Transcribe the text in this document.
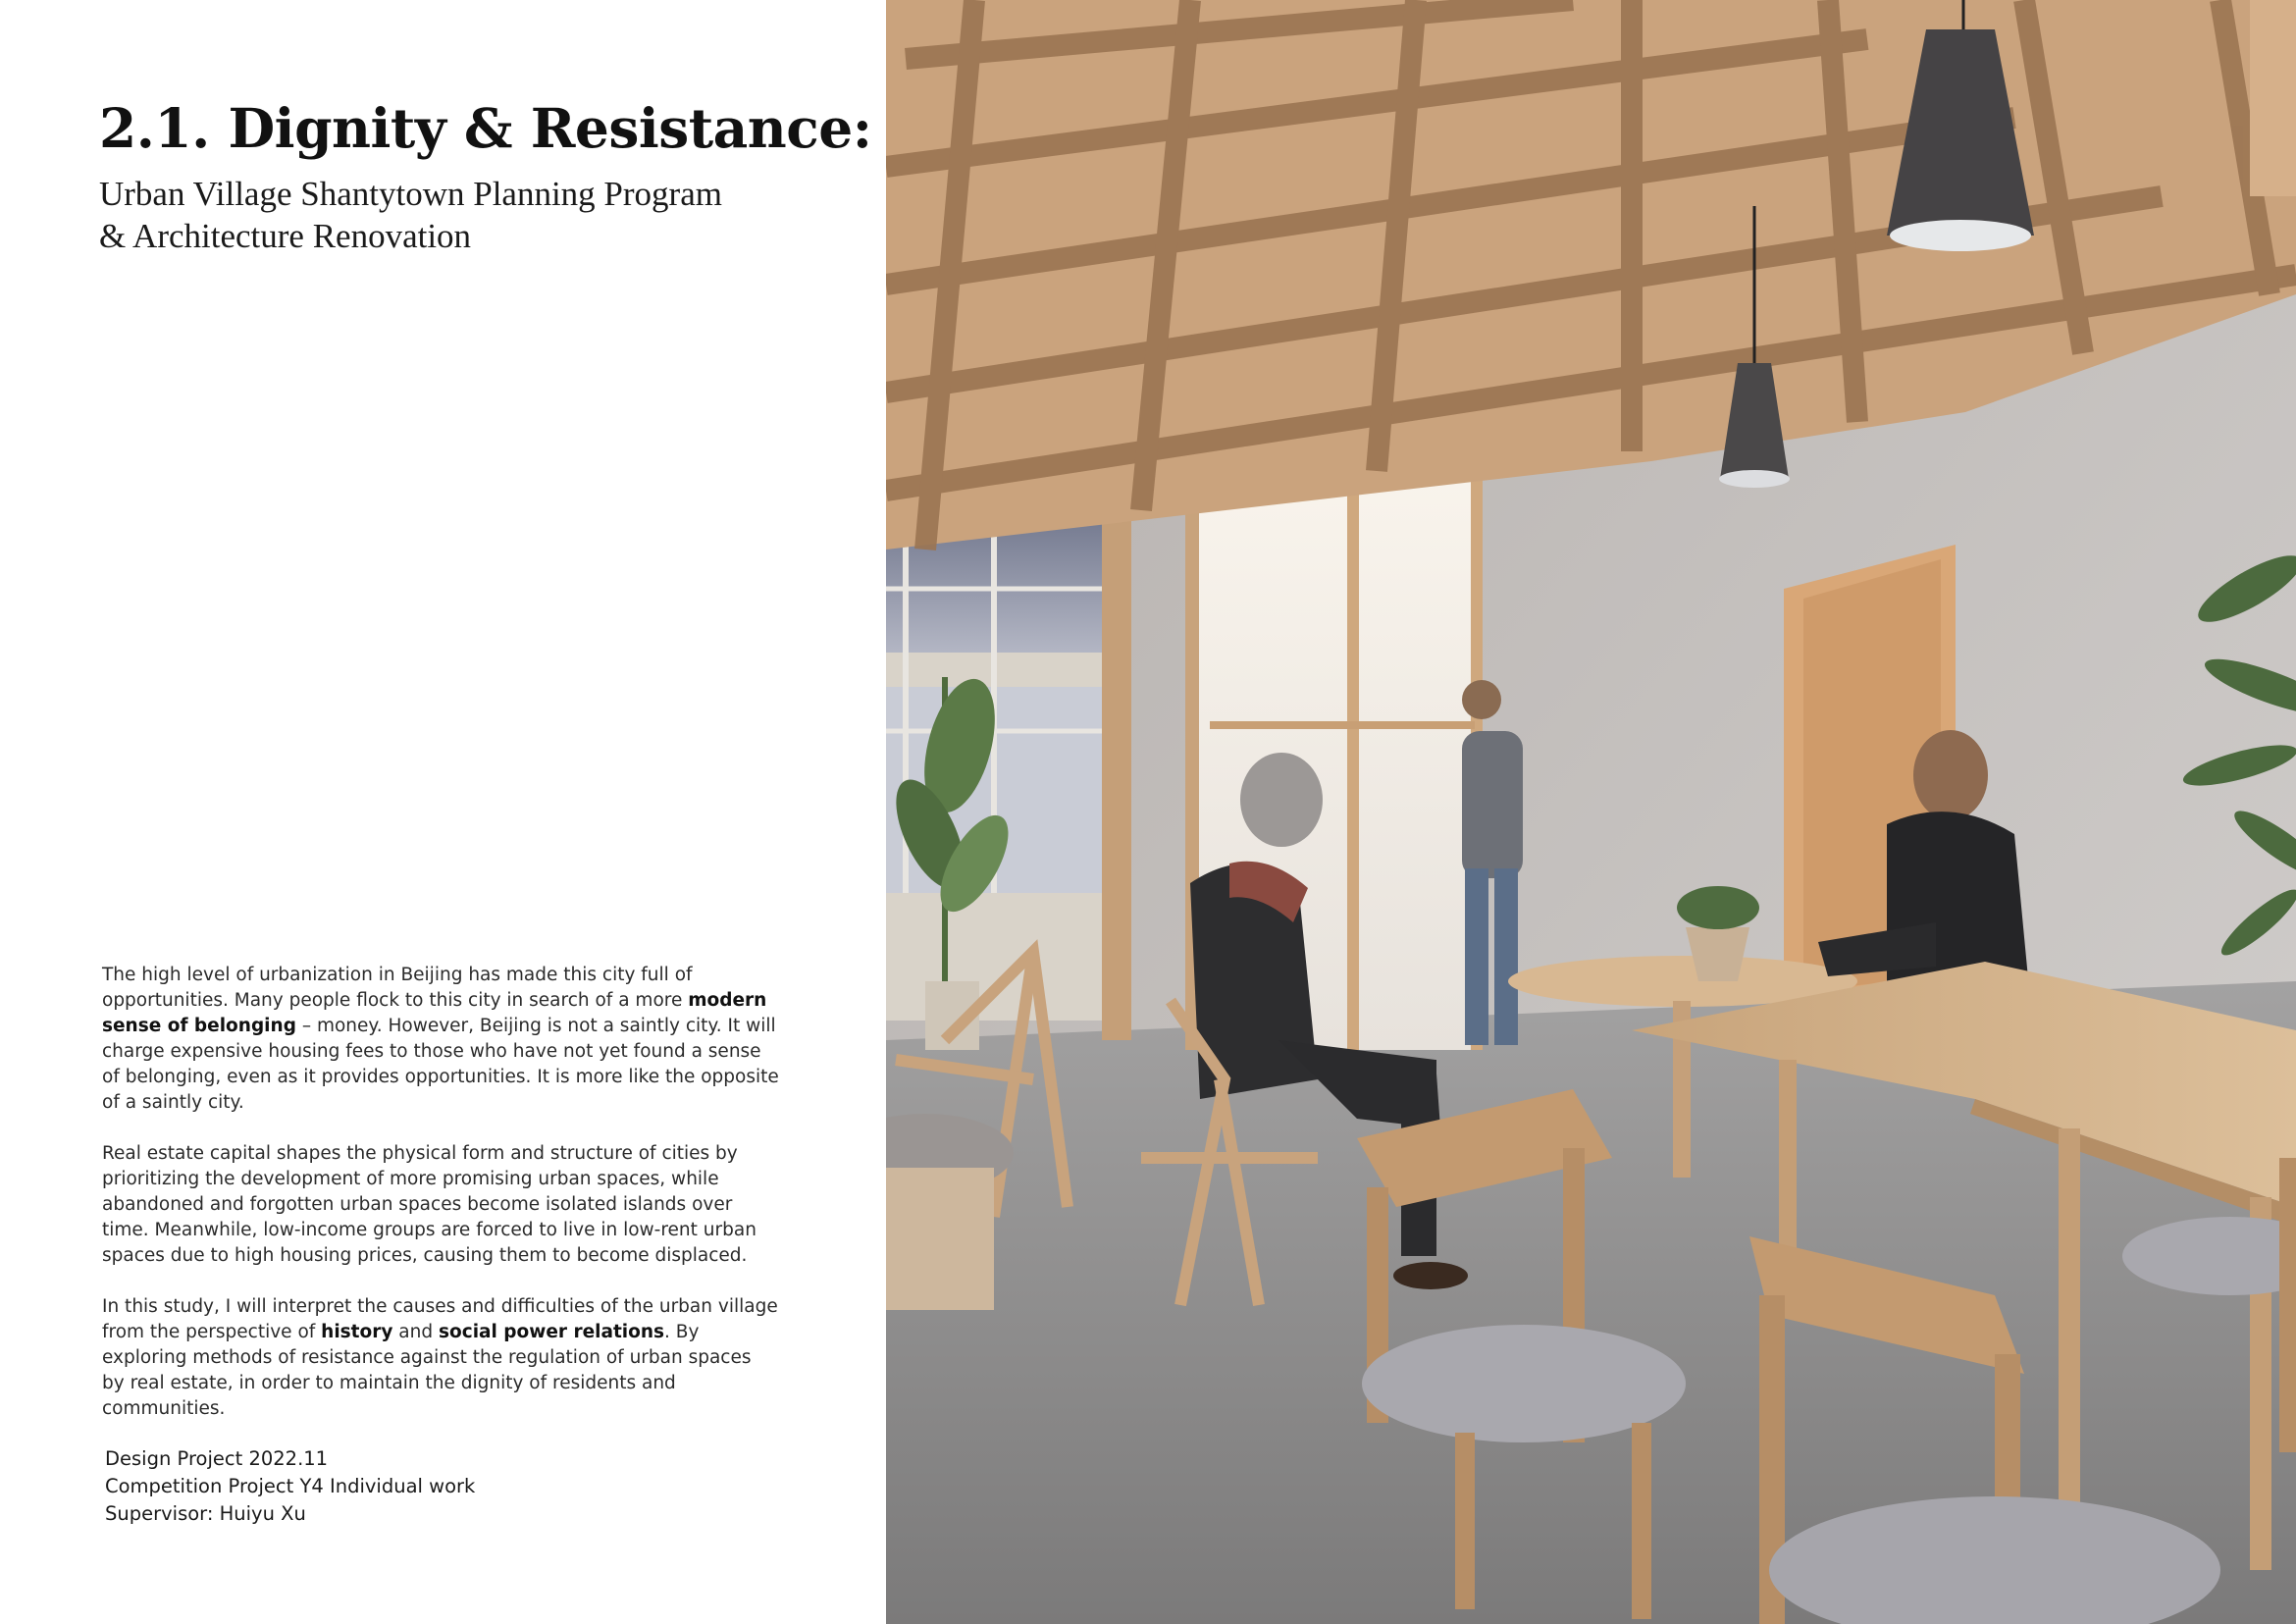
2.1. Dignity & Resistance:
Urban Village Shantytown Planning Program
& Architecture Renovation

The high level of urbanization in Beijing has made this city full of opportunities. Many people flock to this city in search of a more modern sense of belonging – money. However, Beijing is not a saintly city. It will charge expensive housing fees to those who have not yet found a sense of belonging, even as it provides opportunities. It is more like the opposite of a saintly city.

Real estate capital shapes the physical form and structure of cities by prioritizing the development of more promising urban spaces, while abandoned and forgotten urban spaces become isolated islands over time. Meanwhile, low-income groups are forced to live in low-rent urban spaces due to high housing prices, causing them to become displaced.

In this study, I will interpret the causes and difficulties of the urban village from the perspective of history and social power relations. By exploring methods of resistance against the regulation of urban spaces by real estate, in order to maintain the dignity of residents and communities.

Design Project 2022.11
Competition Project Y4 Individual work
Supervisor: Huiyu Xu
